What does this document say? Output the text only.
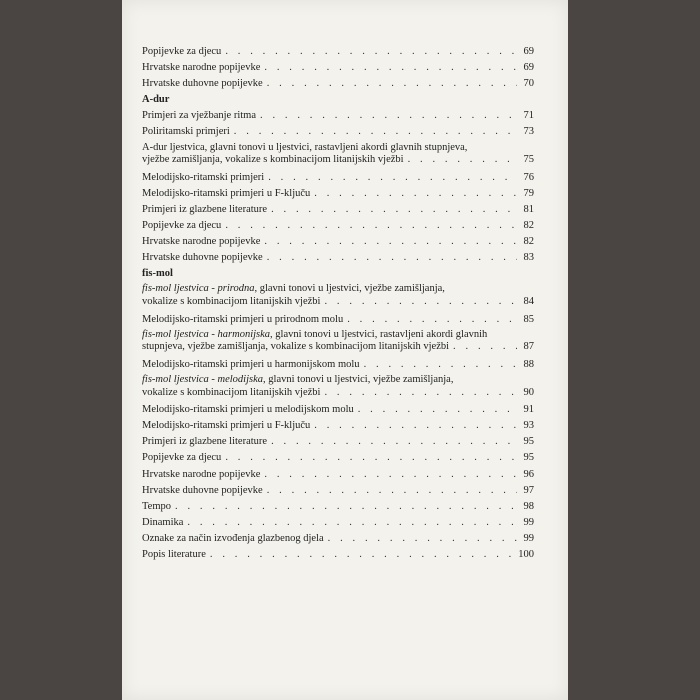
Popijevke za djecu . . .	69
Hrvatske narodne popijevke . . .	69
Hrvatske duhovne popijevke . . .	70
A-dur
Primjeri za vježbanje ritma . . .	71
Poliritamski primjeri . . .	73
A-dur ljestvica, glavni tonovi u ljestvici, rastavljeni akordi glavnih stupnjeva,
vježbe zamišljanja, vokalize s kombinacijom litanijskih vježbi . . .	75
Melodijsko-ritamski primjeri . . .	76
Melodijsko-ritamski primjeri u F-ključu . . .	79
Primjeri iz glazbene literature . . .	81
Popijevke za djecu . . .	82
Hrvatske narodne popijevke . . .	82
Hrvatske duhovne popijevke . . .	83
fis-mol
fis-mol ljestvica - prirodna, glavni tonovi u ljestvici, vježbe zamišljanja,
vokalize s kombinacijom litanijskih vježbi . . .	84
Melodijsko-ritamski primjeri u prirodnom molu . . .	85
fis-mol ljestvica - harmonijska, glavni tonovi u ljestvici, rastavljeni akordi glavnih
stupnjeva, vježbe zamišljanja, vokalize s kombinacijom litanijskih vježbi . . .	87
Melodijsko-ritamski primjeri u harmonijskom molu . . .	88
fis-mol ljestvica - melodijska, glavni tonovi u ljestvici, vježbe zamišljanja,
vokalize s kombinacijom litanijskih vježbi . . .	90
Melodijsko-ritamski primjeri u melodijskom molu . . .	91
Melodijsko-ritamski primjeri u F-ključu . . .	93
Primjeri iz glazbene literature . . .	95
Popijevke za djecu . . .	95
Hrvatske narodne popijevke . . .	96
Hrvatske duhovne popijevke . . .	97
Tempo . . .	98
Dinamika . . .	99
Oznake za način izvođenja glazbenog djela . . .	99
Popis literature . . .	100
